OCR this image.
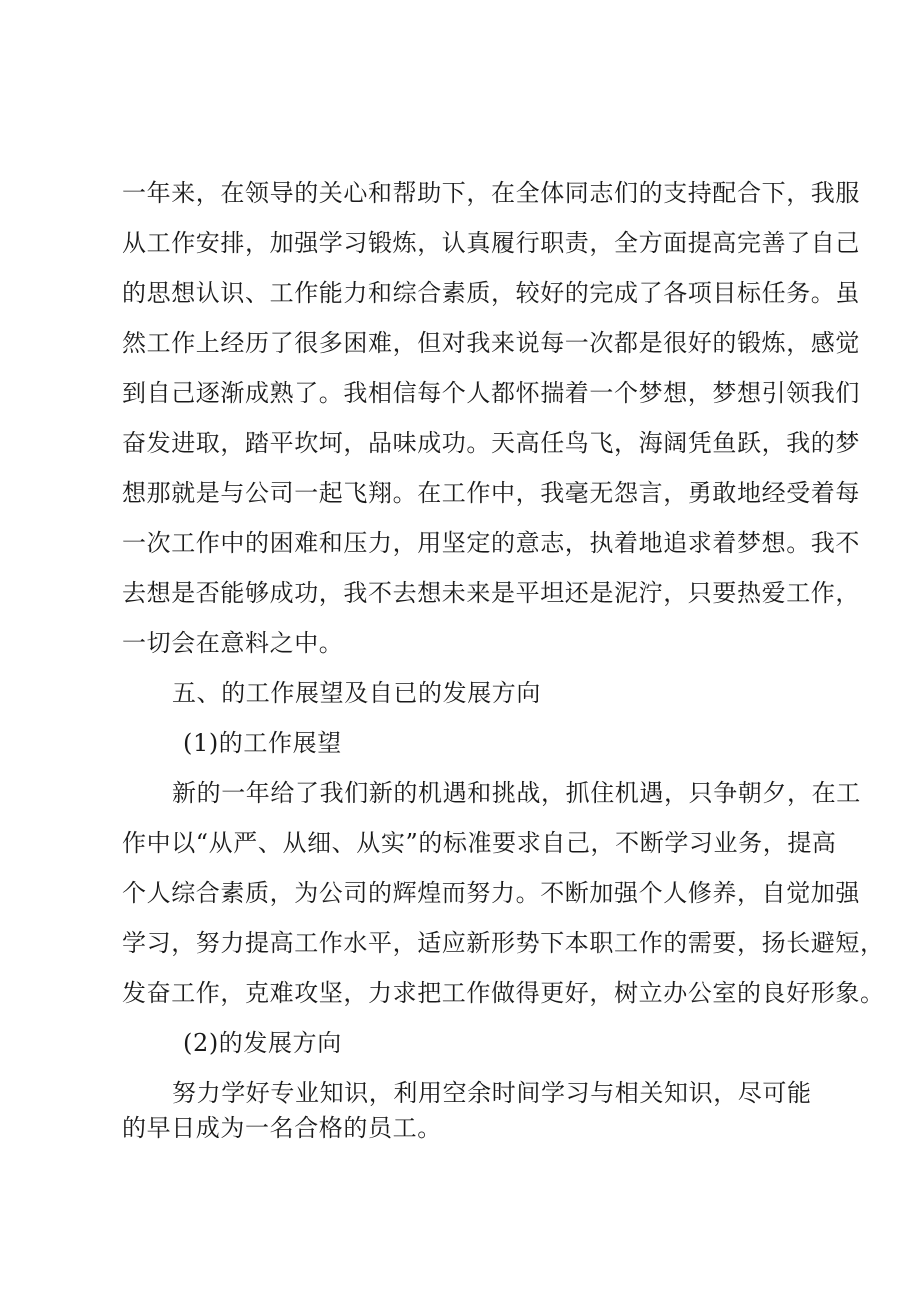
一年来，在领导的关心和帮助下，在全体同志们的支持配合下，我服
从工作安排，加强学习锻炼，认真履行职责，全方面提高完善了自己
的思想认识、工作能力和综合素质，较好的完成了各项目标任务。虽
然工作上经历了很多困难，但对我来说每一次都是很好的锻炼，感觉
到自己逐渐成熟了。我相信每个人都怀揣着一个梦想，梦想引领我们
奋发进取，踏平坎坷，品味成功。天高任鸟飞，海阔凭鱼跃，我的梦
想那就是与公司一起飞翔。在工作中，我毫无怨言，勇敢地经受着每
一次工作中的困难和压力，用坚定的意志，执着地追求着梦想。我不
去想是否能够成功，我不去想未来是平坦还是泥泞，只要热爱工作，
一切会在意料之中。
五、的工作展望及自已的发展方向
(1)的工作展望
新的一年给了我们新的机遇和挑战，抓住机遇，只争朝夕，在工
作中以“从严、从细、从实”的标准要求自己，不断学习业务，提高
个人综合素质，为公司的辉煌而努力。不断加强个人修养，自觉加强
学习，努力提高工作水平，适应新形势下本职工作的需要，扬长避短，
发奋工作，克难攻坚，力求把工作做得更好，树立办公室的良好形象。
(2)的发展方向
努力学好专业知识，利用空余时间学习与相关知识，尽可能
的早日成为一名合格的员工。
